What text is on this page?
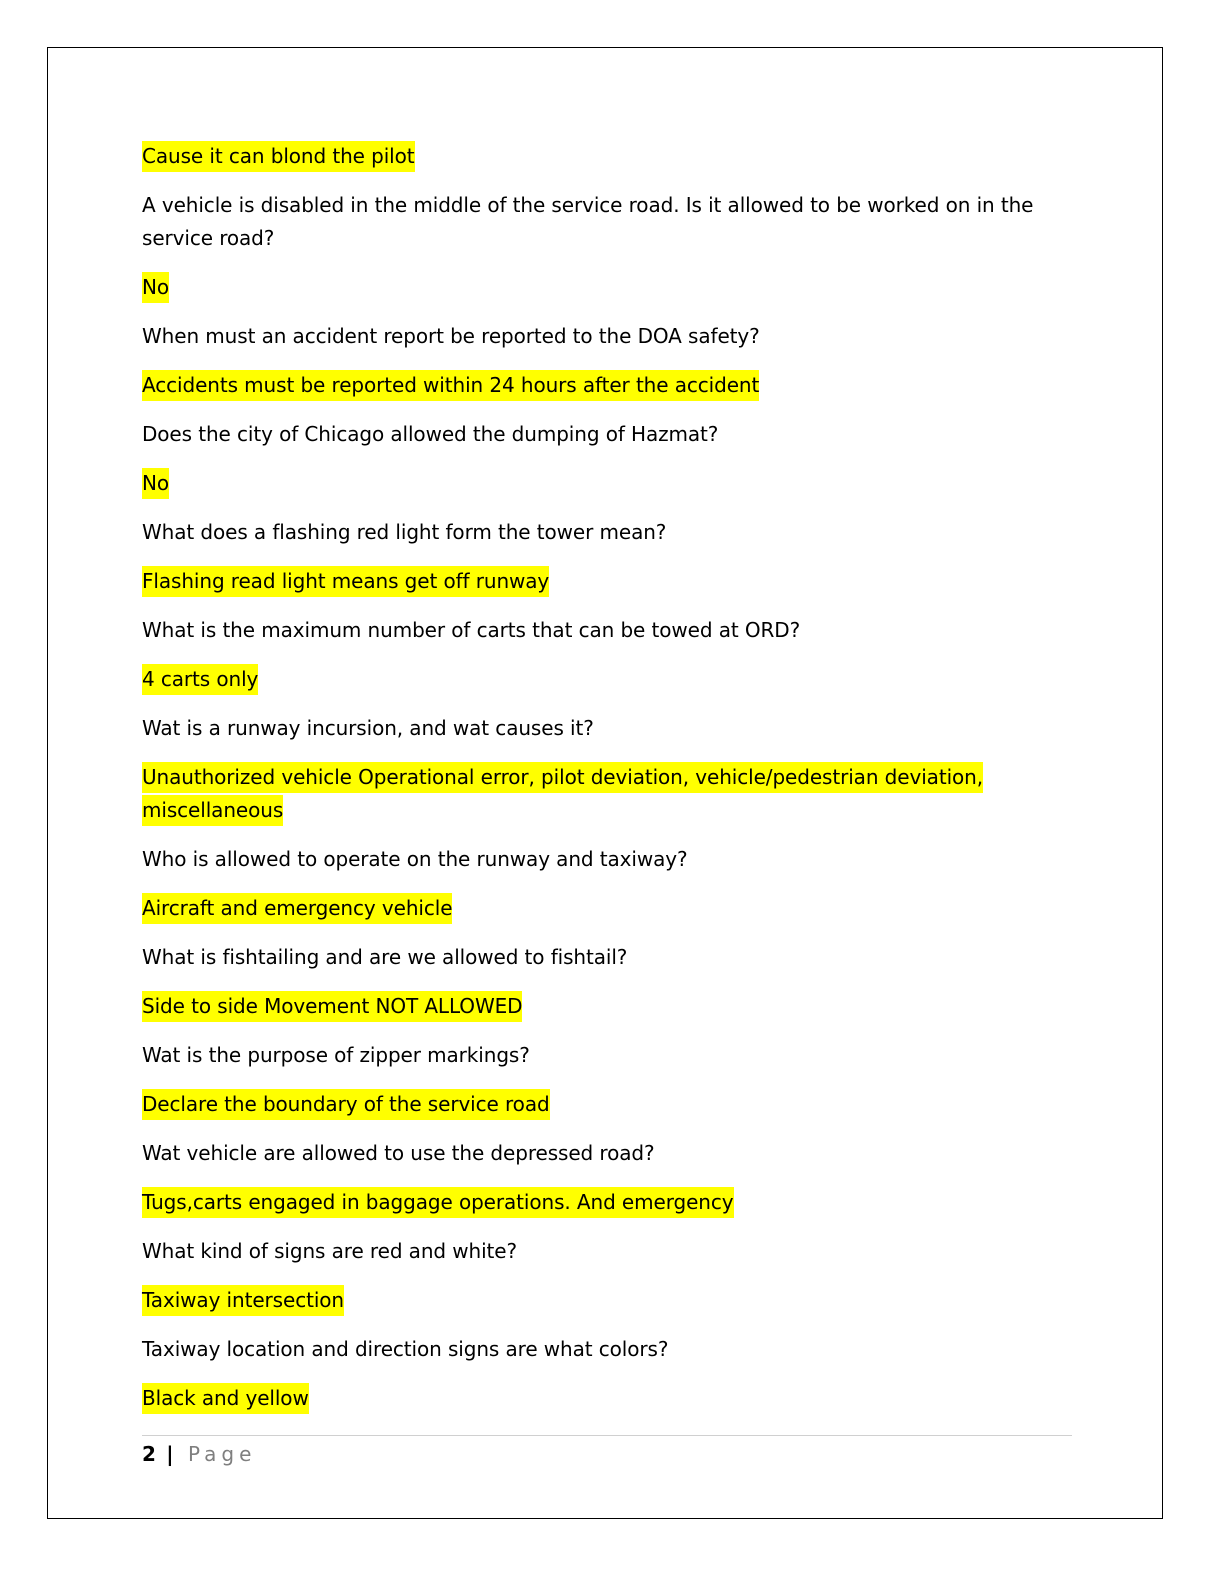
Cause it can blond the pilot

A vehicle is disabled in the middle of the service road. Is it allowed to be worked on in the service road?

No

When must an accident report be reported to the DOA safety?

Accidents must be reported within 24 hours after the accident

Does the city of Chicago allowed the dumping of Hazmat?

No

What does a flashing red light form the tower mean?

Flashing read light means get off runway

What is the maximum number of carts that can be towed at ORD?

4 carts only

Wat is a runway incursion, and wat causes it?

Unauthorized vehicle Operational error, pilot deviation, vehicle/pedestrian deviation, miscellaneous

Who is allowed to operate on the runway and taxiway?

Aircraft and emergency vehicle

What is fishtailing and are we allowed to fishtail?

Side to side Movement NOT ALLOWED

Wat is the purpose of zipper markings?

Declare the boundary of the service road

Wat vehicle are allowed to use the depressed road?

Tugs,carts engaged in baggage operations. And emergency

What kind of signs are red and white?

Taxiway intersection

Taxiway location and direction signs are what colors?

Black and yellow

2 | Page
